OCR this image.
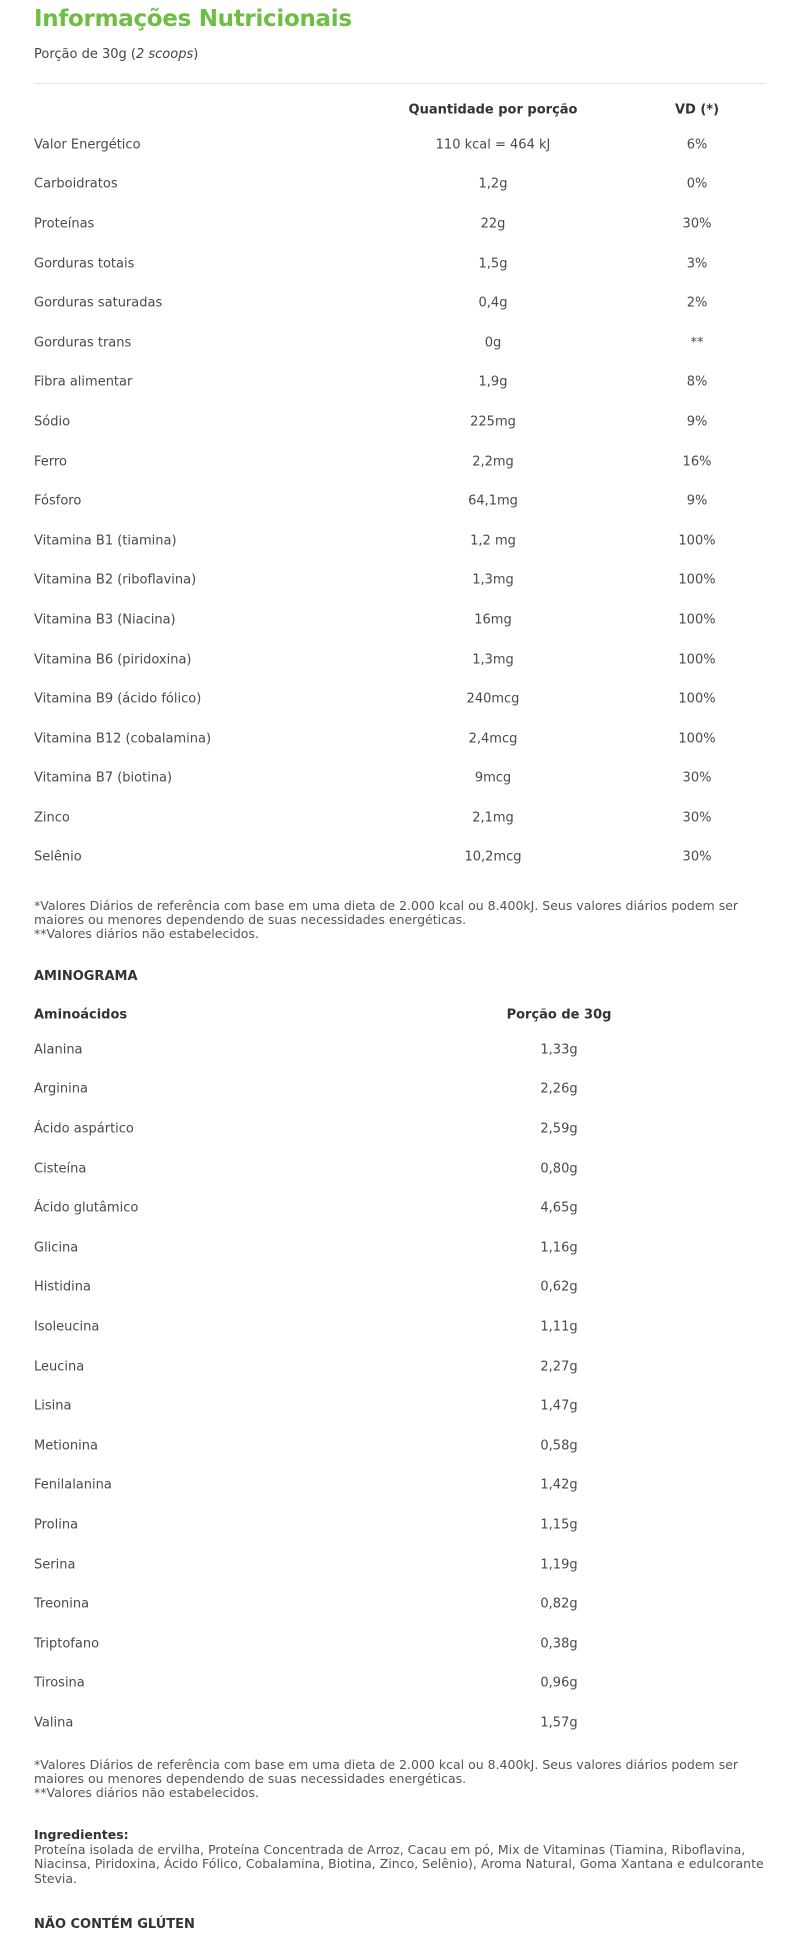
Informações Nutricionais
Porção de 30g (2 scoops)
Quantidade por porção	VD (*)
Valor Energético	110 kcal = 464 kJ	6%
Carboidratos	1,2g	0%
Proteínas	22g	30%
Gorduras totais	1,5g	3%
Gorduras saturadas	0,4g	2%
Gorduras trans	0g	**
Fibra alimentar	1,9g	8%
Sódio	225mg	9%
Ferro	2,2mg	16%
Fósforo	64,1mg	9%
Vitamina B1 (tiamina)	1,2 mg	100%
Vitamina B2 (riboflavina)	1,3mg	100%
Vitamina B3 (Niacina)	16mg	100%
Vitamina B6 (piridoxina)	1,3mg	100%
Vitamina B9 (ácido fólico)	240mcg	100%
Vitamina B12 (cobalamina)	2,4mcg	100%
Vitamina B7 (biotina)	9mcg	30%
Zinco	2,1mg	30%
Selênio	10,2mcg	30%
*Valores Diários de referência com base em uma dieta de 2.000 kcal ou 8.400kJ. Seus valores diários podem ser maiores ou menores dependendo de suas necessidades energéticas.
**Valores diários não estabelecidos.
AMINOGRAMA
Aminoácidos	Porção de 30g
Alanina	1,33g
Arginina	2,26g
Ácido aspártico	2,59g
Cisteína	0,80g
Ácido glutâmico	4,65g
Glicina	1,16g
Histidina	0,62g
Isoleucina	1,11g
Leucina	2,27g
Lisina	1,47g
Metionina	0,58g
Fenilalanina	1,42g
Prolina	1,15g
Serina	1,19g
Treonina	0,82g
Triptofano	0,38g
Tirosina	0,96g
Valina	1,57g
*Valores Diários de referência com base em uma dieta de 2.000 kcal ou 8.400kJ. Seus valores diários podem ser maiores ou menores dependendo de suas necessidades energéticas.
**Valores diários não estabelecidos.
Ingredientes:
Proteína isolada de ervilha, Proteína Concentrada de Arroz, Cacau em pó, Mix de Vitaminas (Tiamina, Riboflavina, Niacinsa, Piridoxina, Ácido Fólico, Cobalamina, Biotina, Zinco, Selênio), Aroma Natural, Goma Xantana e edulcorante Stevia.
NÃO CONTÉM GLÚTEN
